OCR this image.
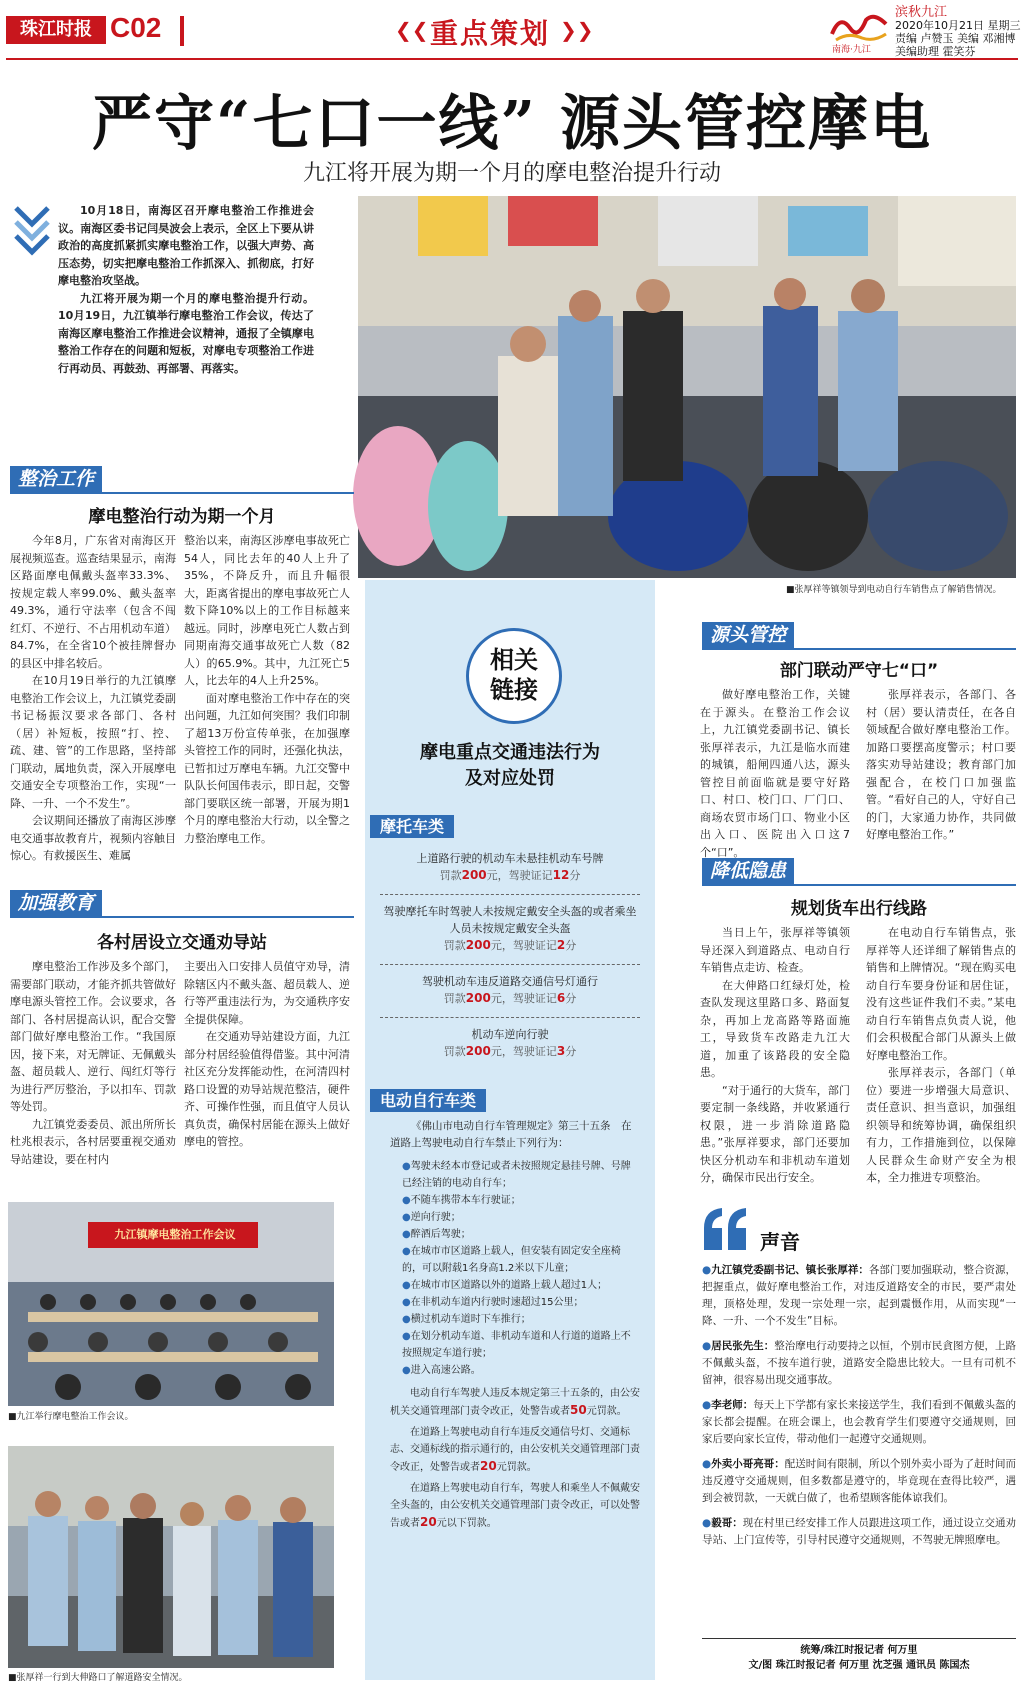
珠江时报 C02	❮❮ 重点策划 ❯❯
南海·九江
滨秋九江
2020年10月21日 星期三
责编 卢赞玉 美编 邓湘博
美编助理 霍笑芬
严守“七口一线” 源头管控摩电
九江将开展为期一个月的摩电整治提升行动

10月18日，南海区召开摩电整治工作推进会议。南海区委书记闫昊波会上表示，全区上下要从讲政治的高度抓紧抓实摩电整治工作，以强大声势、高压态势，切实把摩电整治工作抓深入、抓彻底，打好摩电整治攻坚战。

九江将开展为期一个月的摩电整治提升行动。10月19日，九江镇举行摩电整治工作会议，传达了南海区摩电整治工作推进会议精神，通报了全镇摩电整治工作存在的问题和短板，对摩电专项整治工作进行再动员、再鼓劲、再部署、再落实。

■张厚祥等镇领导到电动自行车销售点了解销售情况。
整治工作
摩电整治行动为期一个月

今年8月，广东省对南海区开展视频巡查。巡查结果显示，南海区路面摩电佩戴头盔率33.3%、按规定载人率99.0%、戴头盔率49.3%，通行守法率（包含不闯红灯、不逆行、不占用机动车道）84.7%，在全省10个被挂牌督办的县区中排名较后。

在10月19日举行的九江镇摩电整治工作会议上，九江镇党委副书记杨振汉要求各部门、各村（居）补短板，按照“打、控、疏、建、管”的工作思路，坚持部门联动，属地负责，深入开展摩电交通安全专项整治工作，实现“一降、一升、一个不发生”。

会议期间还播放了南海区涉摩电交通事故教育片，视频内容触目惊心。有救援医生、难属

整治以来，南海区涉摩电事故死亡54人，同比去年的40人上升了35%，不降反升，而且升幅很大，距离省提出的摩电事故死亡人数下降10%以上的工作目标越来越远。同时，涉摩电死亡人数占到同期南海交通事故死亡人数（82人）的65.9%。其中，九江死亡5人，比去年的4人上升25%。

面对摩电整治工作中存在的突出问题，九江如何突围？我们印制了超13万份宣传单张，在加强摩头管控工作的同时，还强化执法，已暂扣过万摩电车辆。九江交警中队队长何国伟表示，即日起，交警部门要联区统一部署，开展为期1个月的摩电整治大行动，以全警之力整治摩电工作。

加强教育
各村居设立交通劝导站

摩电整治工作涉及多个部门，需要部门联动，才能齐抓共管做好摩电源头管控工作。会议要求，各部门、各村居提高认识，配合交警部门做好摩电整治工作。“我国原因，接下来，对无牌证、无佩戴头盔、超员载人、逆行、闯红灯等行为进行严厉整治，予以扣车、罚款等处罚。

九江镇党委委员、派出所所长杜兆根表示，各村居要重视交通劝导站建设，要在村内

主要出入口安排人员值守劝导，清除辖区内不戴头盔、超员载人、逆行等严重违法行为，为交通秩序安全提供保障。

在交通劝导站建设方面，九江部分村居经验值得借鉴。其中河清社区充分发挥能动性，在河清四村路口设置的劝导站规范整洁，硬件齐、可操作性强，而且值守人员认真负责，确保村居能在源头上做好摩电的管控。

九江镇摩电整治工作会议
■九江举行摩电整治工作会议。
■张厚祥一行到大伸路口了解道路安全情况。
相关
链接
摩电重点交通违法行为
及对应处罚
摩托车类
上道路行驶的机动车未悬挂机动车号牌
罚款200元，驾驶证记12分
驾驶摩托车时驾驶人未按规定戴安全头盔的或者乘坐人员未按规定戴安全头盔
罚款200元，驾驶证记2分
驾驶机动车违反道路交通信号灯通行
罚款200元，驾驶证记6分
机动车逆向行驶
罚款200元，驾驶证记3分
电动自行车类
《佛山市电动自行车管理规定》第三十五条　在道路上驾驶电动自行车禁止下列行为：
●驾驶未经本市登记或者未按照规定悬挂号牌、号牌已经注销的电动自行车；
●不随车携带本车行驶证；
●逆向行驶；
●醉酒后驾驶；
●在城市市区道路上载人，但安装有固定安全座椅的，可以附载1名身高1.2米以下儿童；
●在城市市区道路以外的道路上载人超过1人；
●在非机动车道内行驶时速超过15公里；
●横过机动车道时下车推行；
●在划分机动车道、非机动车道和人行道的道路上不按照规定车道行驶；
●进入高速公路。
电动自行车驾驶人违反本规定第三十五条的，由公安机关交通管理部门责令改正，处警告或者50元罚款。
在道路上驾驶电动自行车违反交通信号灯、交通标志、交通标线的指示通行的，由公安机关交通管理部门责令改正，处警告或者20元罚款。
在道路上驾驶电动自行车，驾驶人和乘坐人不佩戴安全头盔的，由公安机关交通管理部门责令改正，可以处警告或者20元以下罚款。
源头管控
部门联动严守七“口”

做好摩电整治工作，关键在于源头。在整治工作会议上，九江镇党委副书记、镇长张厚祥表示，九江是临水而建的城镇，船闸四通八达，源头管控目前面临就是要守好路口、村口、校门口、厂门口、商场农贸市场门口、物业小区出入口、医院出入口这7个“口”。

张厚祥表示，各部门、各村（居）要认清责任，在各自领域配合做好摩电整治工作。加路口要摆高度警示；村口要落实劝导站建设；教育部门加强配合，在校门口加强监管。“看好自己的人，守好自己的门，大家通力协作，共同做好摩电整治工作。”

降低隐患
规划货车出行线路

当日上午，张厚祥等镇领导还深入到道路点、电动自行车销售点走访、检查。

在大伸路口红绿灯处，检查队发现这里路口多、路面复杂，再加上龙高路等路面施工，导致货车改路走九江大道，加重了该路段的安全隐患。

“对于通行的大货车，部门要定制一条线路，并收紧通行权限，进一步消除道路隐患。”张厚祥要求，部门还要加快区分机动车和非机动车道划分，确保市民出行安全。

在电动自行车销售点，张厚祥等人还详细了解销售点的销售和上牌情况。“现在购买电动自行车要身份证和居住证，没有这些证件我们不卖。”某电动自行车销售点负责人说，他们会积极配合部门从源头上做好摩电整治工作。

张厚祥表示，各部门（单位）要进一步增强大局意识、责任意识、担当意识，加强组织领导和统筹协调，确保组织有力，工作措施到位，以保障人民群众生命财产安全为根本，全力推进专项整治。

声音
●九江镇党委副书记、镇长张厚祥：各部门要加强联动，整合资源，把握重点，做好摩电整治工作，对违反道路安全的市民，要严肃处理，顶格处理，发现一宗处理一宗，起到震慑作用，从而实现“一降、一升、一个不发生”目标。
●居民张先生：整治摩电行动要持之以恒，个别市民貪图方便，上路不佩戴头盔，不按车道行驶，道路安全隐患比较大。一旦有司机不留神，很容易出现交通事故。
●李老师：每天上下学都有家长来接送学生，我们看到不佩戴头盔的家长都会提醒。在班会课上，也会教育学生们要遵守交通规则，回家后要向家长宣传，带动他们一起遵守交通规则。
●外卖小哥亮哥：配送时间有限制，所以个别外卖小哥为了赶时间而违反遵守交通规则，但多数都是遵守的，毕竟现在查得比较严，遇到会被罚款，一天就白做了，也希望顾客能体谅我们。
●毅哥：现在村里已经安排工作人员跟进这项工作，通过设立交通劝导站、上门宣传等，引导村民遵守交通规则，不驾驶无牌照摩电。
统筹/珠江时报记者 何万里
文/图 珠江时报记者 何万里 沈芝强 通讯员 陈国杰
